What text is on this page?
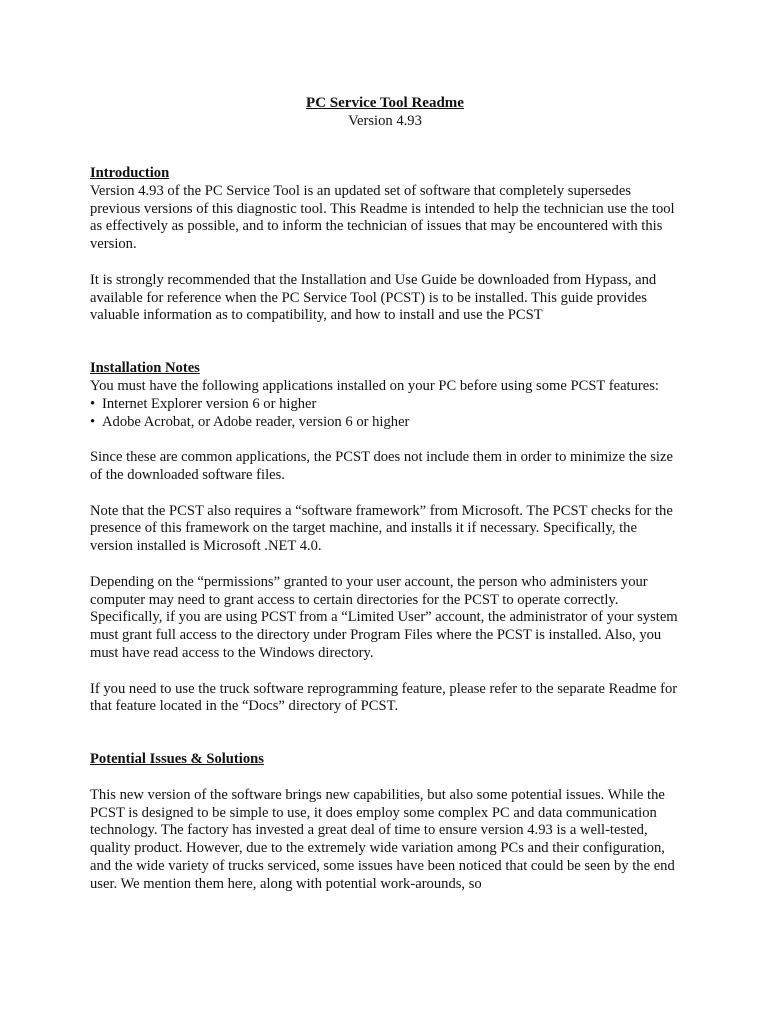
PC Service Tool Readme

Version 4.93

Introduction

Version 4.93 of the PC Service Tool is an updated set of software that completely supersedes previous versions of this diagnostic tool. This Readme is intended to help the technician use the tool as effectively as possible, and to inform the technician of issues that may be encountered with this version.

It is strongly recommended that the Installation and Use Guide be downloaded from Hypass, and available for reference when the PC Service Tool (PCST) is to be installed. This guide provides valuable information as to compatibility, and how to install and use the PCST

Installation Notes

You must have the following applications installed on your PC before using some PCST features:

• Internet Explorer version 6 or higher
• Adobe Acrobat, or Adobe reader, version 6 or higher

Since these are common applications, the PCST does not include them in order to minimize the size of the downloaded software files.

Note that the PCST also requires a “software framework” from Microsoft. The PCST checks for the presence of this framework on the target machine, and installs it if necessary. Specifically, the version installed is Microsoft .NET 4.0.

Depending on the “permissions” granted to your user account, the person who administers your computer may need to grant access to certain directories for the PCST to operate correctly. Specifically, if you are using PCST from a “Limited User” account, the administrator of your system must grant full access to the directory under Program Files where the PCST is installed. Also, you must have read access to the Windows directory.

If you need to use the truck software reprogramming feature, please refer to the separate Readme for that feature located in the “Docs” directory of PCST.

Potential Issues & Solutions

This new version of the software brings new capabilities, but also some potential issues. While the PCST is designed to be simple to use, it does employ some complex PC and data communication technology. The factory has invested a great deal of time to ensure version 4.93 is a well-tested, quality product. However, due to the extremely wide variation among PCs and their configuration, and the wide variety of trucks serviced, some issues have been noticed that could be seen by the end user. We mention them here, along with potential work-arounds, so
